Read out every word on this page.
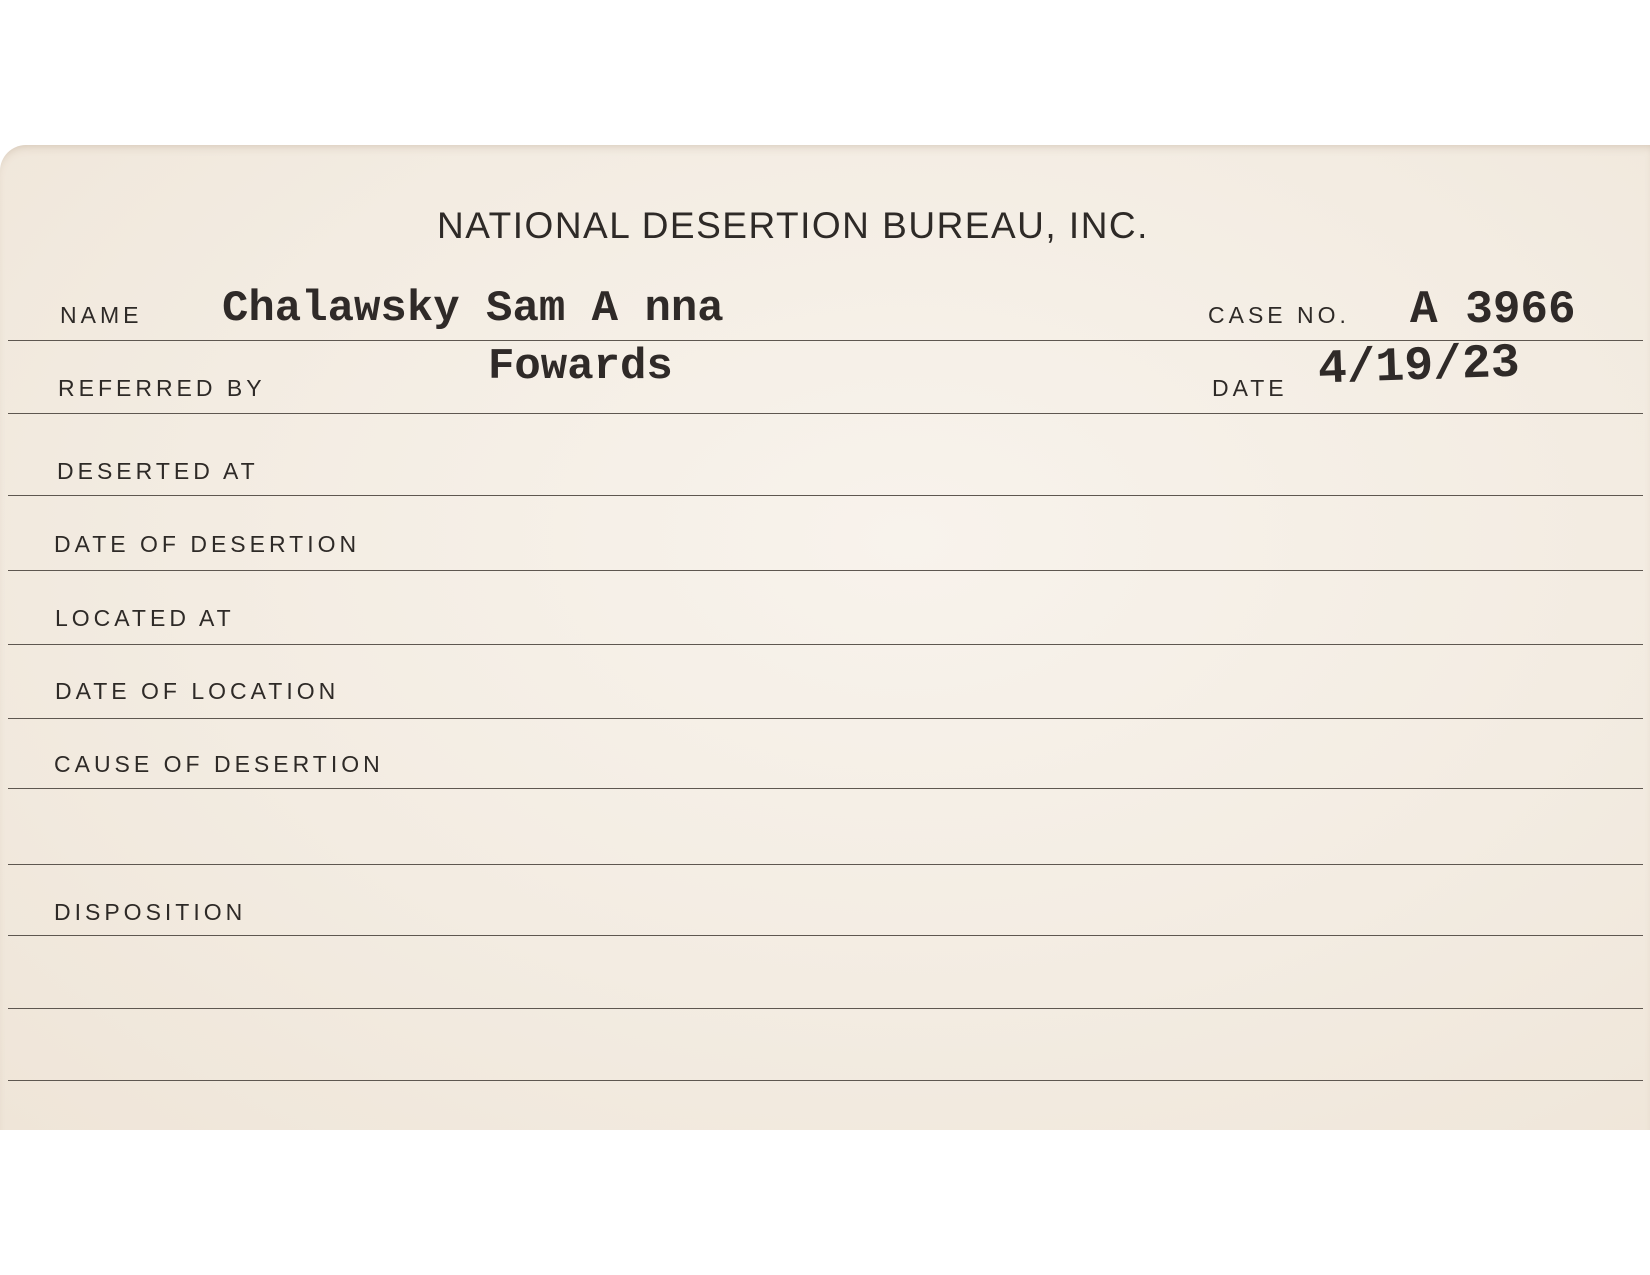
NATIONAL DESERTION BUREAU, INC.
NAME Chalawsky Sam A nna	CASE NO. A 3966
REFERRED BY	Fowards	DATE 4/19/23
DESERTED AT
DATE OF DESERTION
LOCATED AT
DATE OF LOCATION
CAUSE OF DESERTION
DISPOSITION
